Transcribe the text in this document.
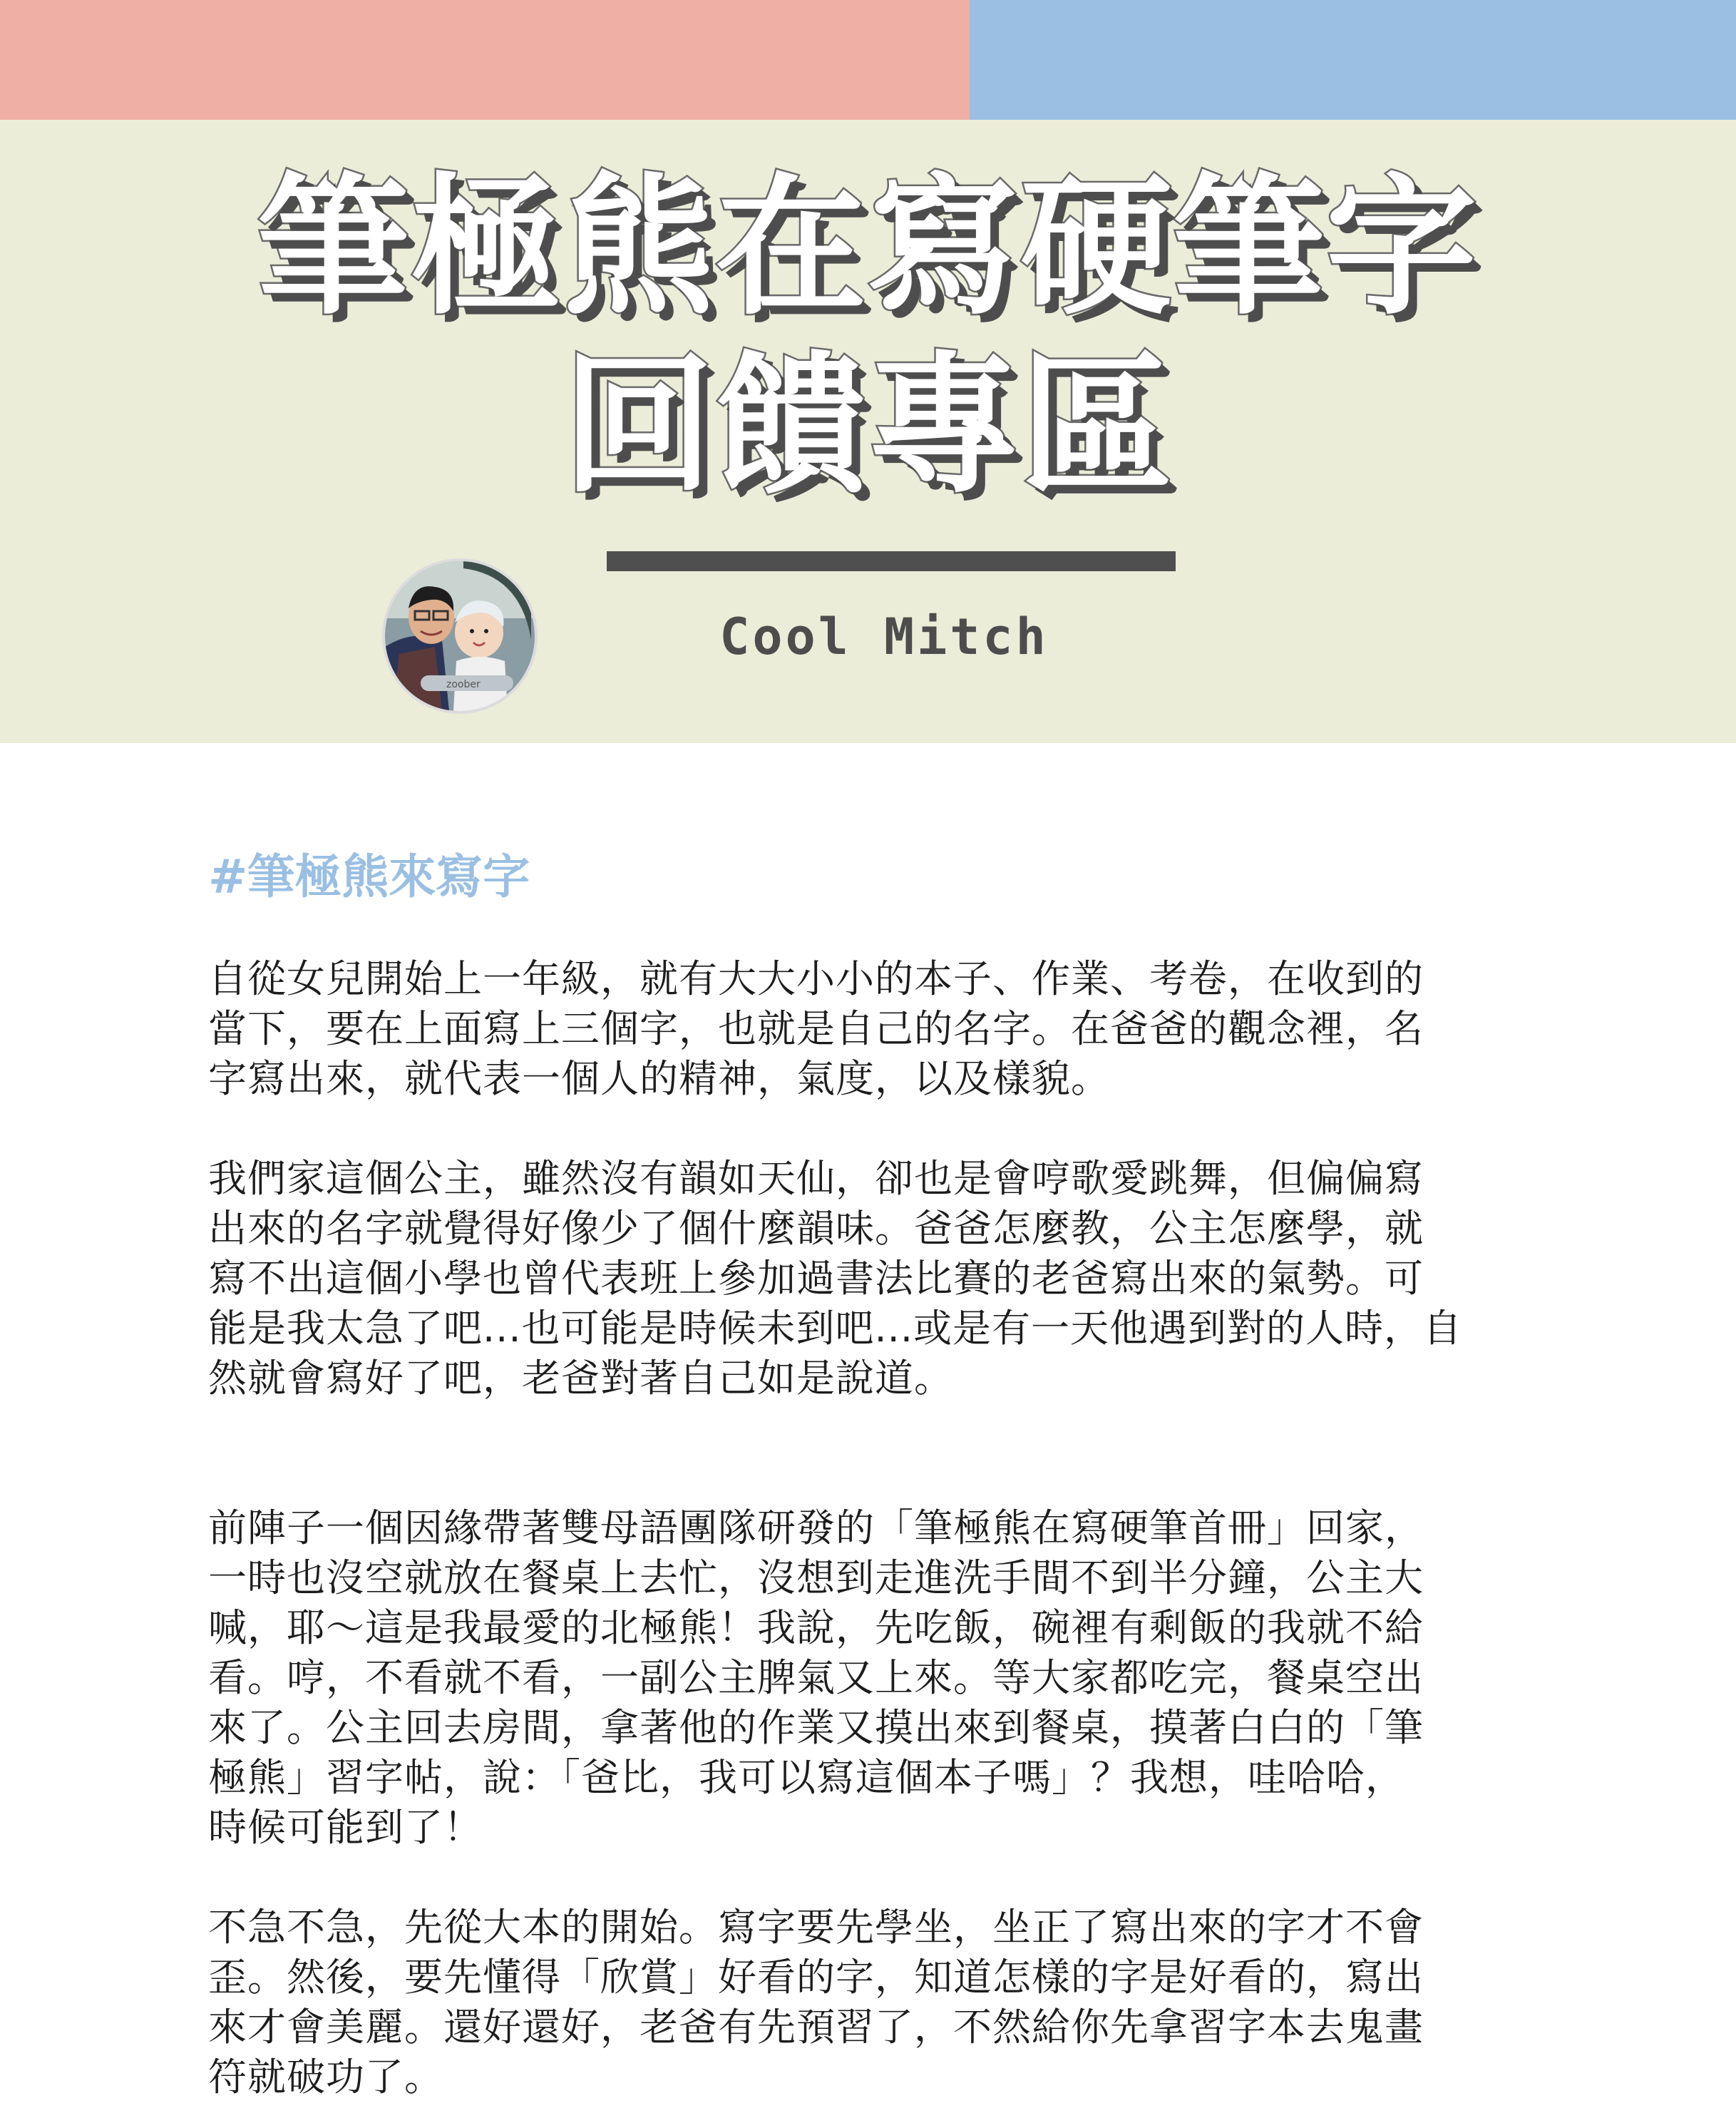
筆極熊在寫硬筆字
回饋專區
zoober
Cool Mitch
#筆極熊來寫字

自從女兒開始上一年級，就有大大小小的本子、作業、考卷，在收到的
當下，要在上面寫上三個字，也就是自己的名字。在爸爸的觀念裡，名
字寫出來，就代表一個人的精神，氣度，以及樣貌。

我們家這個公主，雖然沒有韻如天仙，卻也是會哼歌愛跳舞，但偏偏寫
出來的名字就覺得好像少了個什麼韻味。爸爸怎麼教，公主怎麼學，就
寫不出這個小學也曾代表班上參加過書法比賽的老爸寫出來的氣勢。可
能是我太急了吧...也可能是時候未到吧...或是有一天他遇到對的人時，自
然就會寫好了吧，老爸對著自己如是說道。

前陣子一個因緣帶著雙母語團隊研發的「筆極熊在寫硬筆首冊」回家，
一時也沒空就放在餐桌上去忙，沒想到走進洗手間不到半分鐘，公主大
喊，耶～這是我最愛的北極熊！我說，先吃飯，碗裡有剩飯的我就不給
看。哼，不看就不看，一副公主脾氣又上來。等大家都吃完，餐桌空出
來了。公主回去房間，拿著他的作業又摸出來到餐桌，摸著白白的「筆
極熊」習字帖，說：「爸比，我可以寫這個本子嗎」？我想，哇哈哈，
時候可能到了！

不急不急，先從大本的開始。寫字要先學坐，坐正了寫出來的字才不會
歪。然後，要先懂得「欣賞」好看的字，知道怎樣的字是好看的，寫出
來才會美麗。還好還好，老爸有先預習了，不然給你先拿習字本去鬼畫
符就破功了。
